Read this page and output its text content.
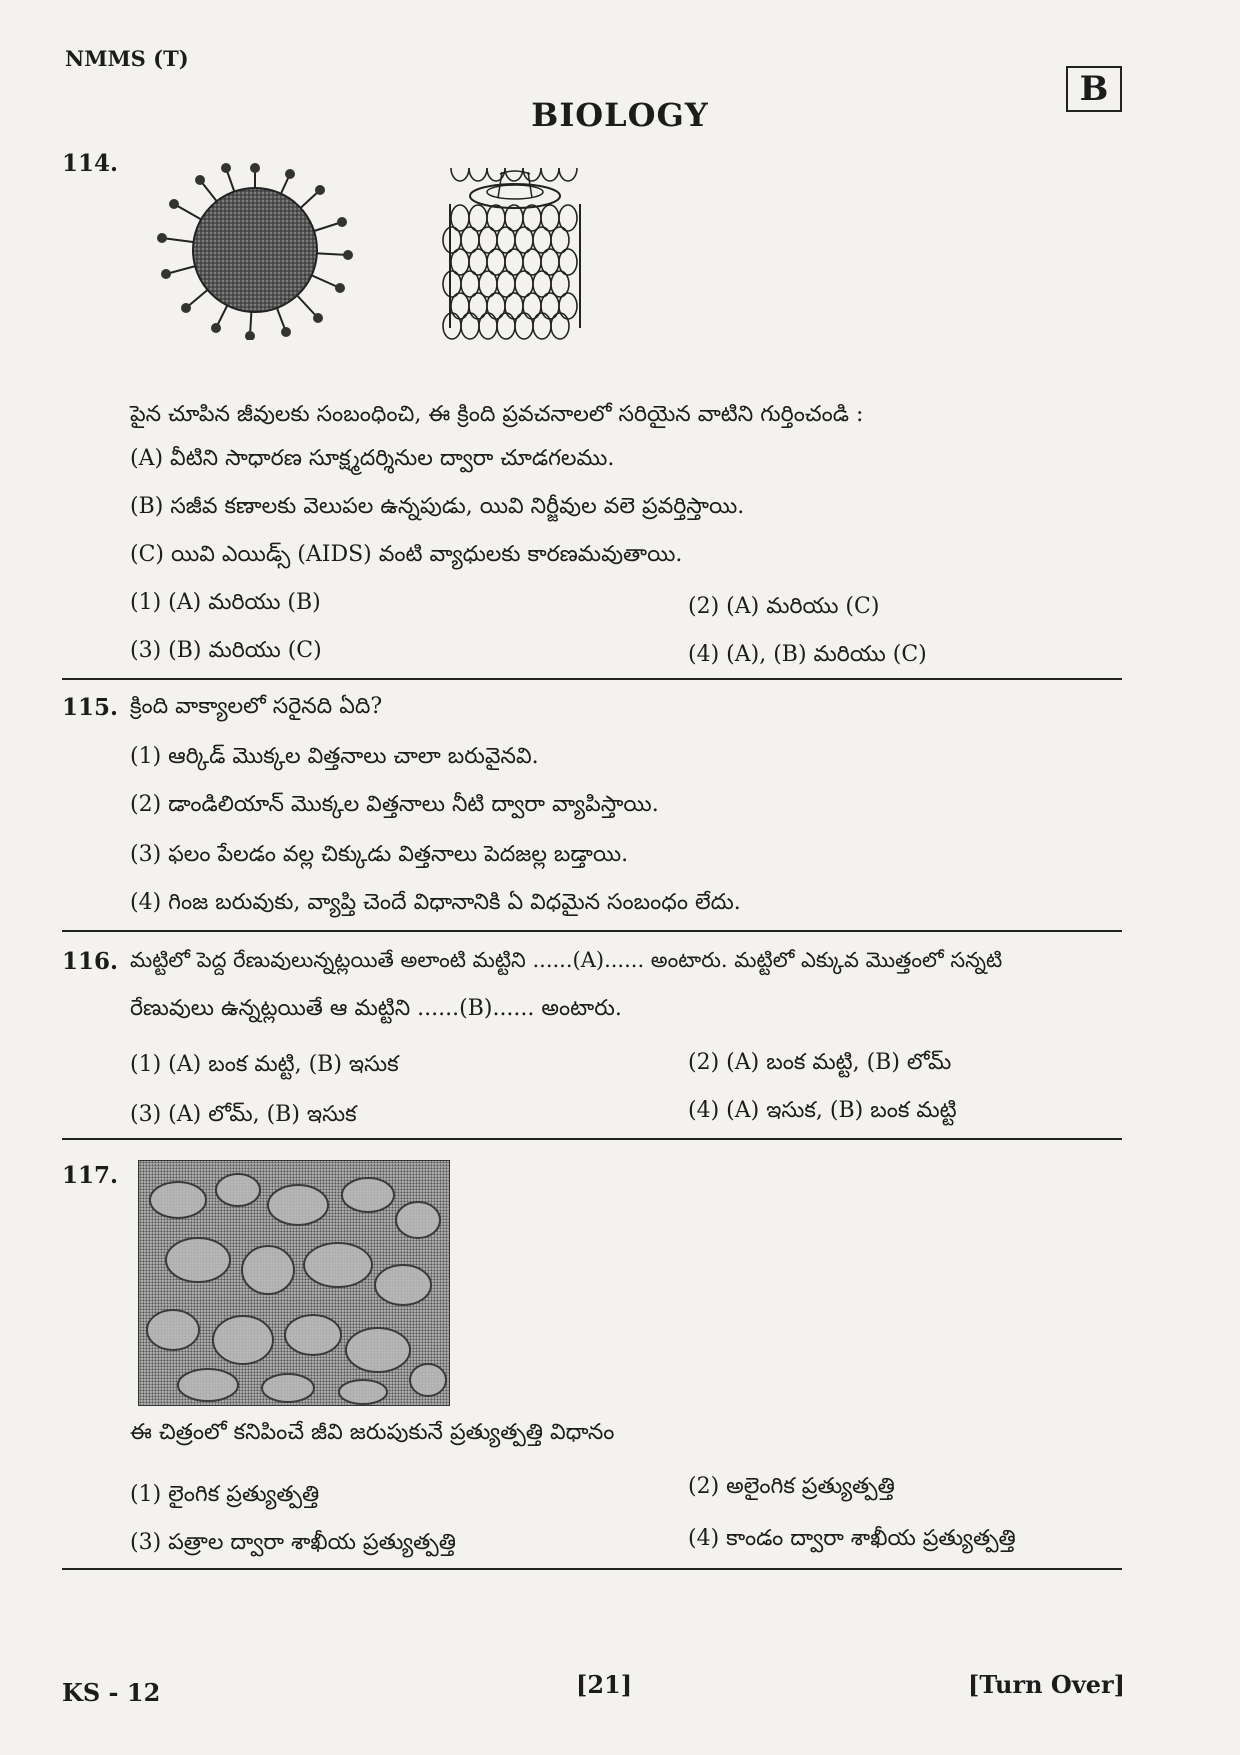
NMMS (T)
B
BIOLOGY
114.
పైన చూపిన జీవులకు సంబంధించి, ఈ క్రింది ప్రవచనాలలో సరియైన వాటిని గుర్తించండి :
(A) వీటిని సాధారణ సూక్ష్మదర్శినుల ద్వారా చూడగలము.
(B) సజీవ కణాలకు వెలుపల ఉన్నపుడు, యివి నిర్జీవుల వలె ప్రవర్తిస్తాయి.
(C) యివి ఎయిడ్స్ (AIDS) వంటి వ్యాధులకు కారణమవుతాయి.
(1) (A) మరియు (B)	(2) (A) మరియు (C)
(3) (B) మరియు (C)	(4) (A), (B) మరియు (C)
115. క్రింది వాక్యాలలో సరైనది ఏది?
(1) ఆర్కిడ్ మొక్కల విత్తనాలు చాలా బరువైనవి.
(2) డాండిలియాన్ మొక్కల విత్తనాలు నీటి ద్వారా వ్యాపిస్తాయి.
(3) ఫలం పేలడం వల్ల చిక్కుడు విత్తనాలు పెదజల్ల బడ్తాయి.
(4) గింజ బరువుకు, వ్యాప్తి చెందే విధానానికి ఏ విధమైన సంబంధం లేదు.
116. మట్టిలో పెద్ద రేణువులున్నట్లయితే అలాంటి మట్టిని ......(A)...... అంటారు. మట్టిలో ఎక్కువ మొత్తంలో సన్నటి
రేణువులు ఉన్నట్లయితే ఆ మట్టిని ......(B)...... అంటారు.
(1) (A) బంక మట్టి, (B) ఇసుక	(2) (A) బంక మట్టి, (B) లోమ్
(3) (A) లోమ్, (B) ఇసుక	(4) (A) ఇసుక, (B) బంక మట్టి
117.
ఈ చిత్రంలో కనిపించే జీవి జరుపుకునే ప్రత్యుత్పత్తి విధానం
(1) లైంగిక ప్రత్యుత్పత్తి	(2) అలైంగిక ప్రత్యుత్పత్తి
(3) పత్రాల ద్వారా శాఖీయ ప్రత్యుత్పత్తి	(4) కాండం ద్వారా శాఖీయ ప్రత్యుత్పత్తి
KS - 12	[21]	[Turn Over]
